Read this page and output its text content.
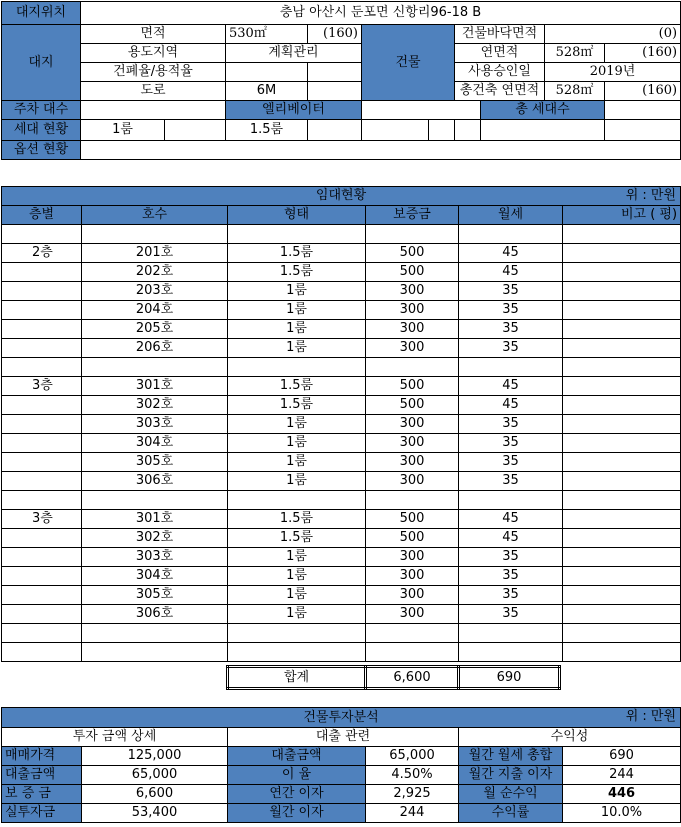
대지위치	충남 아산시 둔포면 신항리96-18 B									
대지	면적		530㎡	(160)	건물		건물바닥면적		(0)	
	용도지역		계획관리				연면적		528㎡	(160)
	건폐율/용적율						사용승인일		2019년	
	도로		6M				총건축 연면적		528㎡	(160)
주차 대수			엘리베이터					총 세대수		
세대 현황	1룸		1.5룸							
옵션 현황										
임대현황 위 : 만원					

층별	호수	형태	보증금	월세	비고 ( 평)

2층	201호	1.5룸	500	45	
	202호	1.5룸	500	45	
	203호	1룸	300	35	
	204호	1룸	300	35	
	205호	1룸	300	35	
	206호	1룸	300	35	

3층	301호	1.5룸	500	45	
	302호	1.5룸	500	45	
	303호	1룸	300	35	
	304호	1룸	300	35	
	305호	1룸	300	35	
	306호	1룸	300	35	

3층	301호	1.5룸	500	45	
	302호	1.5룸	500	45	
	303호	1룸	300	35	
	304호	1룸	300	35	
	305호	1룸	300	35	
	306호	1룸	300	35	

합계	6,600	690
건물투자분석 위 : 만원					

투자 금액 상세		대출 관련		수익성	
매매가격	125,000	대출금액	65,000	월간 월세 총합	690
대출금액	65,000	이 율	4.50%	월간 지출 이자	244
보 증 금	6,600	연간 이자	2,925	월 순수익	446
실투자금	53,400	월간 이자	244	수익률	10.0%
